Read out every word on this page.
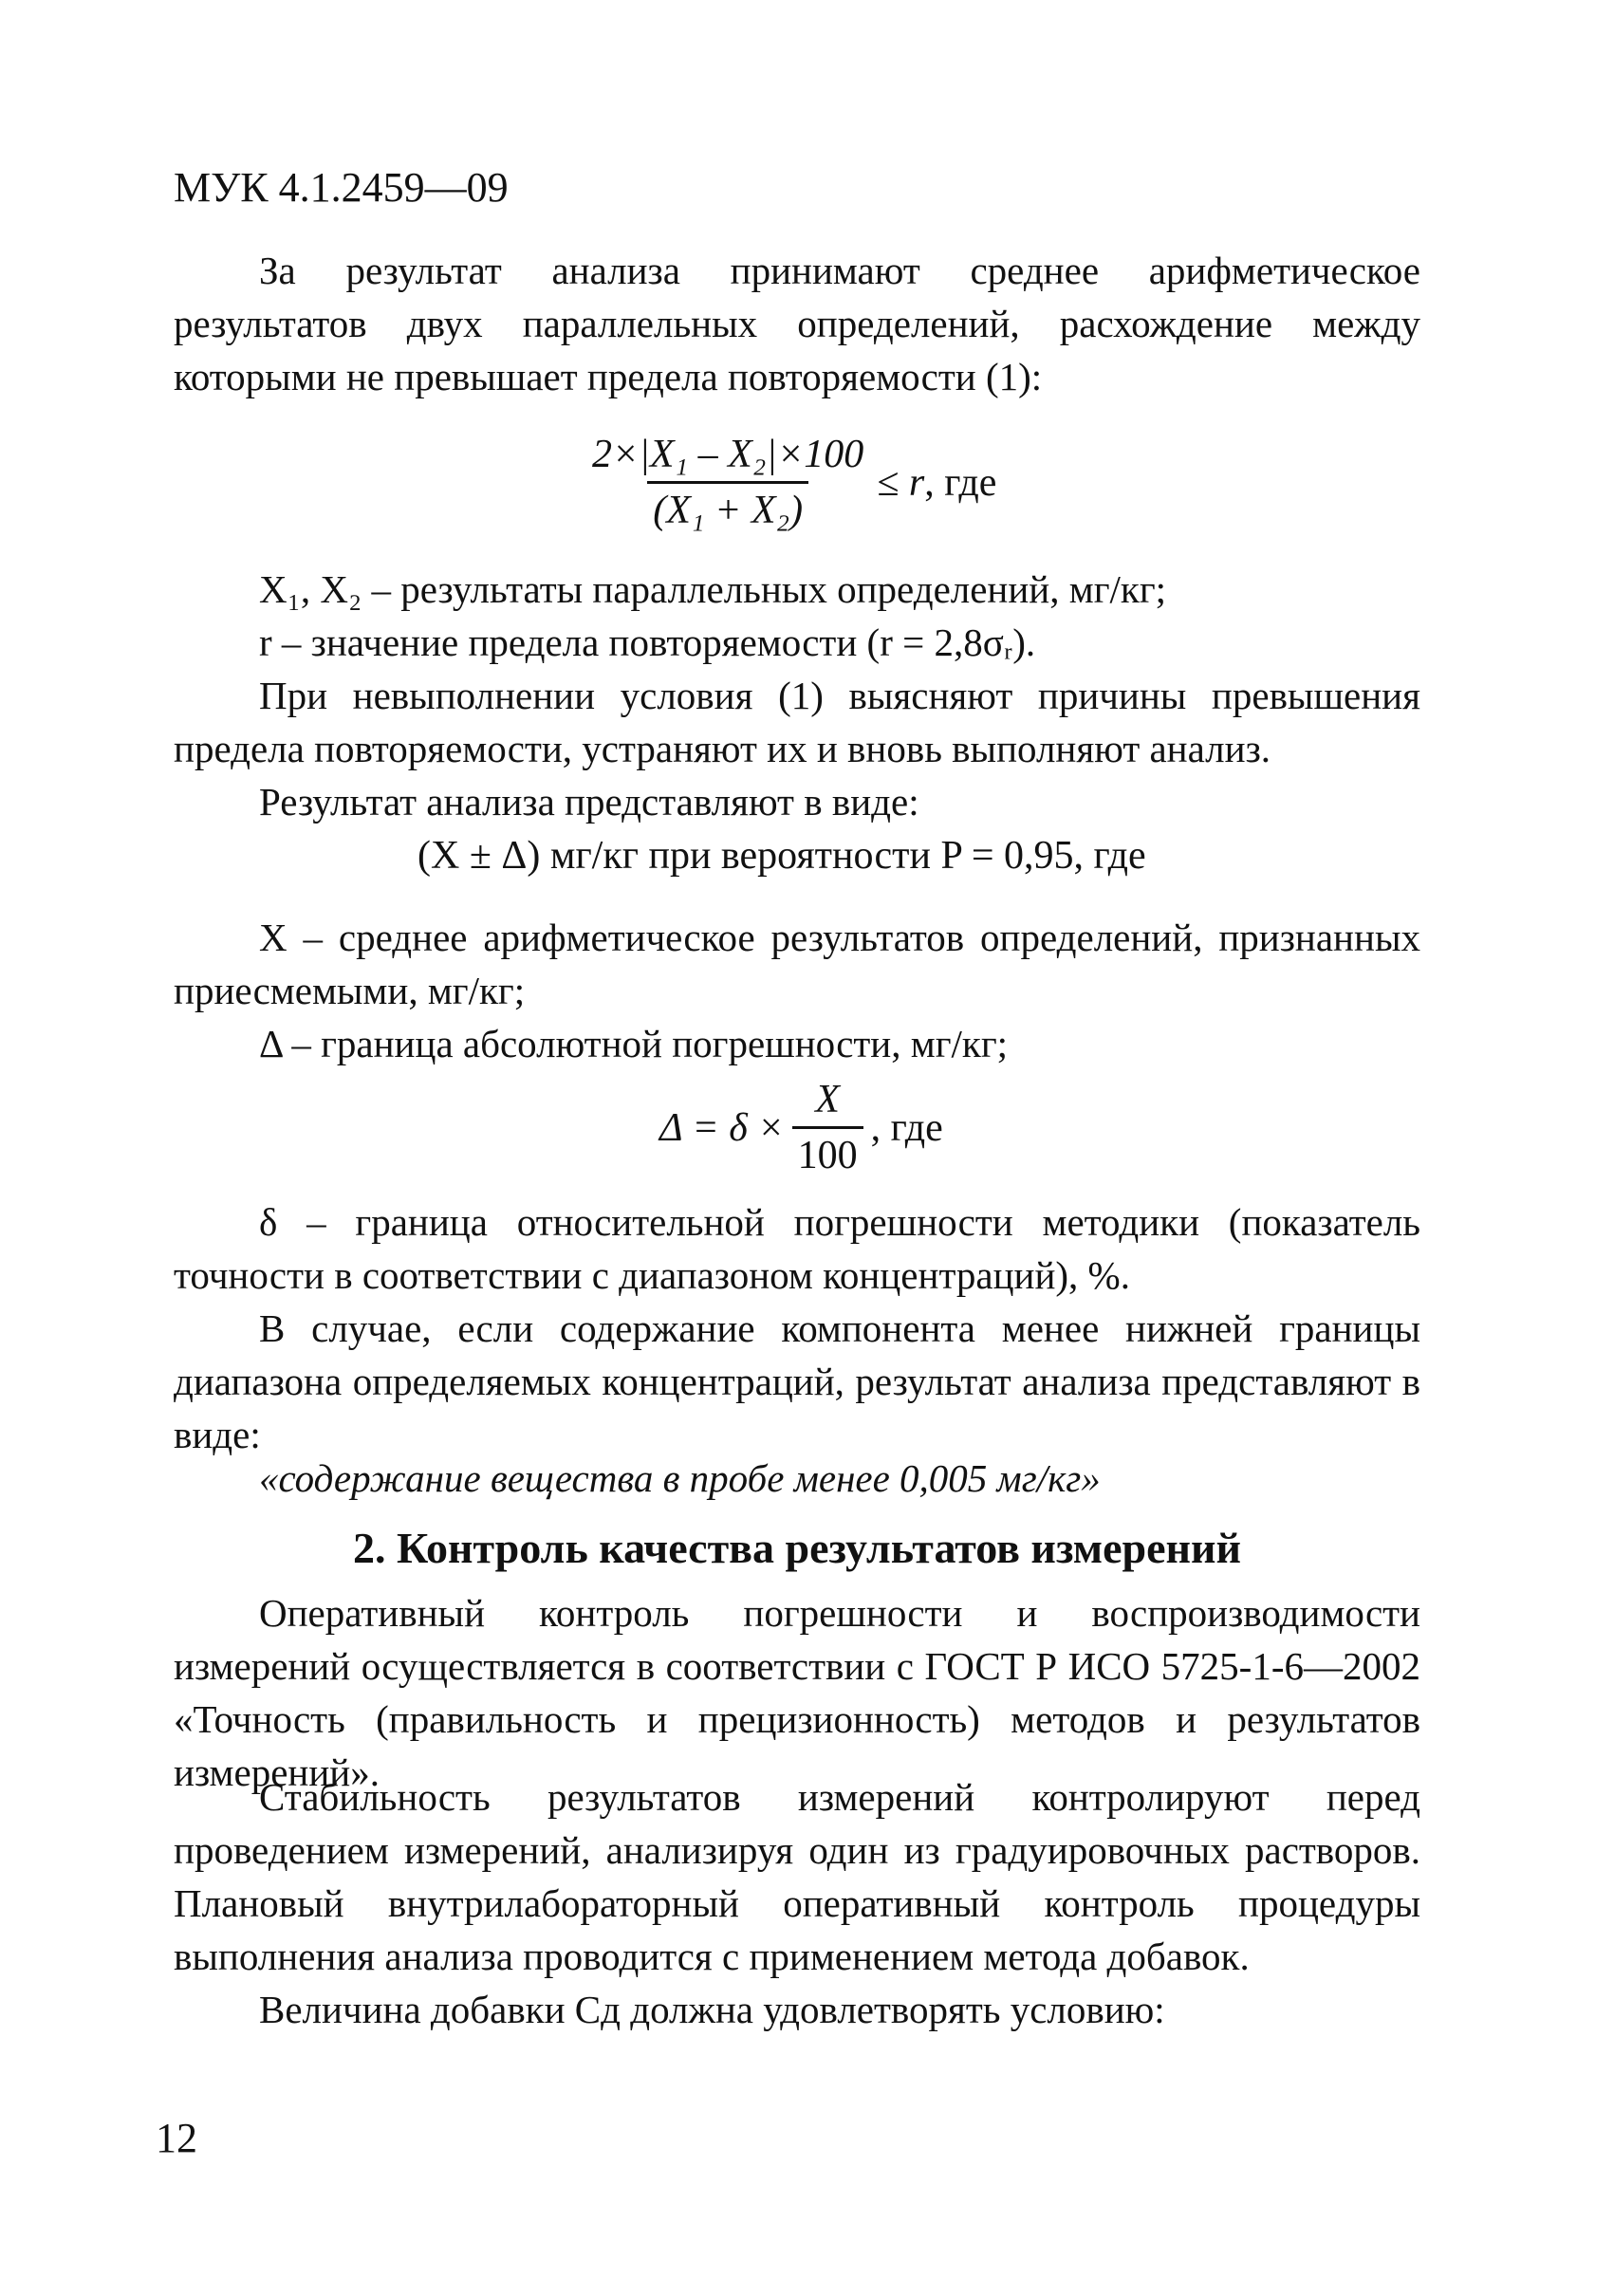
МУК 4.1.2459—09

За результат анализа принимают среднее арифметическое результатов двух параллельных определений, расхождение между которыми не превышает предела повторяемости (1):

$\frac{\text{2×|X₁ – X₂|×100}}{\text{(X₁ + X₂)}} \le r$ , где

X₁, X₂ – результаты параллельных определений, мг/кг;

r – значение предела повторяемости (r = 2,8σᵣ).

При невыполнении условия (1) выясняют причины превышения предела повторяемости, устраняют их и вновь выполняют анализ.

Результат анализа представляют в виде:

(X ± Δ) мг/кг при вероятности P = 0,95, где

X – среднее арифметическое результатов определений, признанных приесмемыми, мг/кг;

Δ – граница абсолютной погрешности, мг/кг;

$\Delta = \delta \times \frac{X}{100}$ , где

δ – граница относительной погрешности методики (показатель точности в соответствии с диапазоном концентраций), %.

В случае, если содержание компонента менее нижней границы диапазона определяемых концентраций, результат анализа представляют в виде:

«содержание вещества в пробе менее 0,005 мг/кг»

2. Контроль качества результатов измерений

Оперативный контроль погрешности и воспроизводимости измерений осуществляется в соответствии с ГОСТ Р ИСО 5725-1-6—2002 «Точность (правильность и прецизионность) методов и результатов измерений».

Стабильность результатов измерений контролируют перед проведением измерений, анализируя один из градуировочных растворов. Плановый внутрилабораторный оперативный контроль процедуры выполнения анализа проводится с применением метода добавок.

Величина добавки Сд должна удовлетворять условию:

12
